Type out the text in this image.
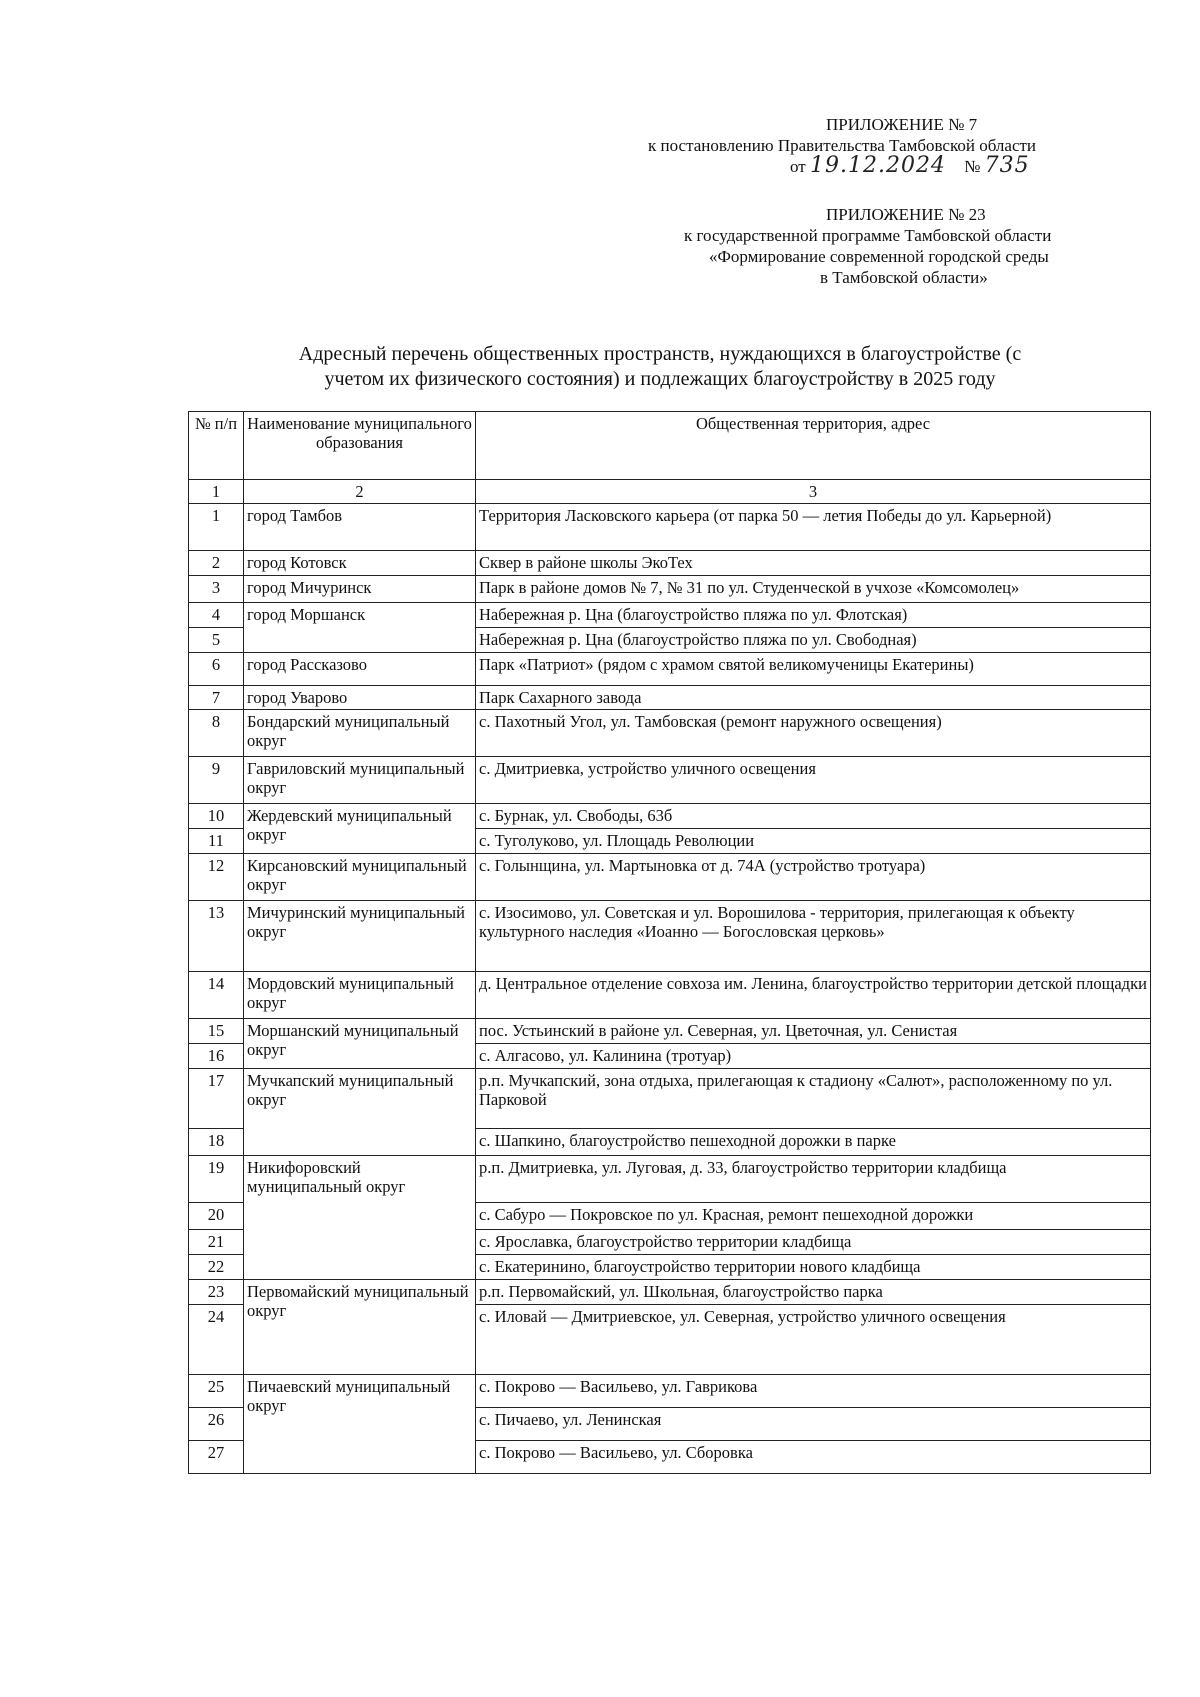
ПРИЛОЖЕНИЕ № 7
к постановлению Правительства Тамбовской области
от 19.12.2024 № 735
ПРИЛОЖЕНИЕ № 23
к государственной программе Тамбовской области
«Формирование современной городской среды
в Тамбовской области»
Адресный перечень общественных пространств, нуждающихся в благоустройстве (с
учетом их физического состояния) и подлежащих благоустройству в 2025 году
№ п/п	Наименование муниципального образования	Общественная территория, адрес
1	2	3
1	город Тамбов	Территория Ласковского карьера (от парка 50 — летия Победы до ул. Карьерной)
2	город Котовск	Сквер в районе школы ЭкоТех
3	город Мичуринск	Парк в районе домов № 7, № 31 по ул. Студенческой в учхозе «Комсомолец»
4	город Моршанск	Набережная р. Цна (благоустройство пляжа по ул. Флотская)
5		Набережная р. Цна (благоустройство пляжа по ул. Свободная)
6	город Рассказово	Парк «Патриот» (рядом с храмом святой великомученицы Екатерины)
7	город Уварово	Парк Сахарного завода
8	Бондарский муниципальный округ	с. Пахотный Угол, ул. Тамбовская (ремонт наружного освещения)
9	Гавриловский муниципальный округ	с. Дмитриевка, устройство уличного освещения
10	Жердевский муниципальный округ	с. Бурнак, ул. Свободы, 63б
11		с. Туголуково, ул. Площадь Революции
12	Кирсановский муниципальный округ	с. Голынщина, ул. Мартыновка от д. 74А (устройство тротуара)
13	Мичуринский муниципальный округ	с. Изосимово, ул. Советская и ул. Ворошилова - территория, прилегающая к объекту культурного наследия «Иоанно — Богословская церковь»
14	Мордовский муниципальный округ	д. Центральное отделение совхоза им. Ленина, благоустройство территории детской площадки
15	Моршанский муниципальный округ	пос. Устьинский в районе ул. Северная, ул. Цветочная, ул. Сенистая
16		с. Алгасово, ул. Калинина (тротуар)
17	Мучкапский муниципальный округ	р.п. Мучкапский, зона отдыха, прилегающая к стадиону «Салют», расположенному по ул. Парковой
18		с. Шапкино, благоустройство пешеходной дорожки в парке
19	Никифоровский муниципальный округ	р.п. Дмитриевка, ул. Луговая, д. 33, благоустройство территории кладбища
20		с. Сабуро — Покровское по ул. Красная, ремонт пешеходной дорожки
21		с. Ярославка, благоустройство территории кладбища
22		с. Екатеринино, благоустройство территории нового кладбища
23	Первомайский муниципальный округ	р.п. Первомайский, ул. Школьная, благоустройство парка
24		с. Иловай — Дмитриевское, ул. Северная, устройство уличного освещения
25	Пичаевский муниципальный округ	с. Покрово — Васильево, ул. Гаврикова
26		с. Пичаево, ул. Ленинская
27		с. Покрово — Васильево, ул. Сборовка
